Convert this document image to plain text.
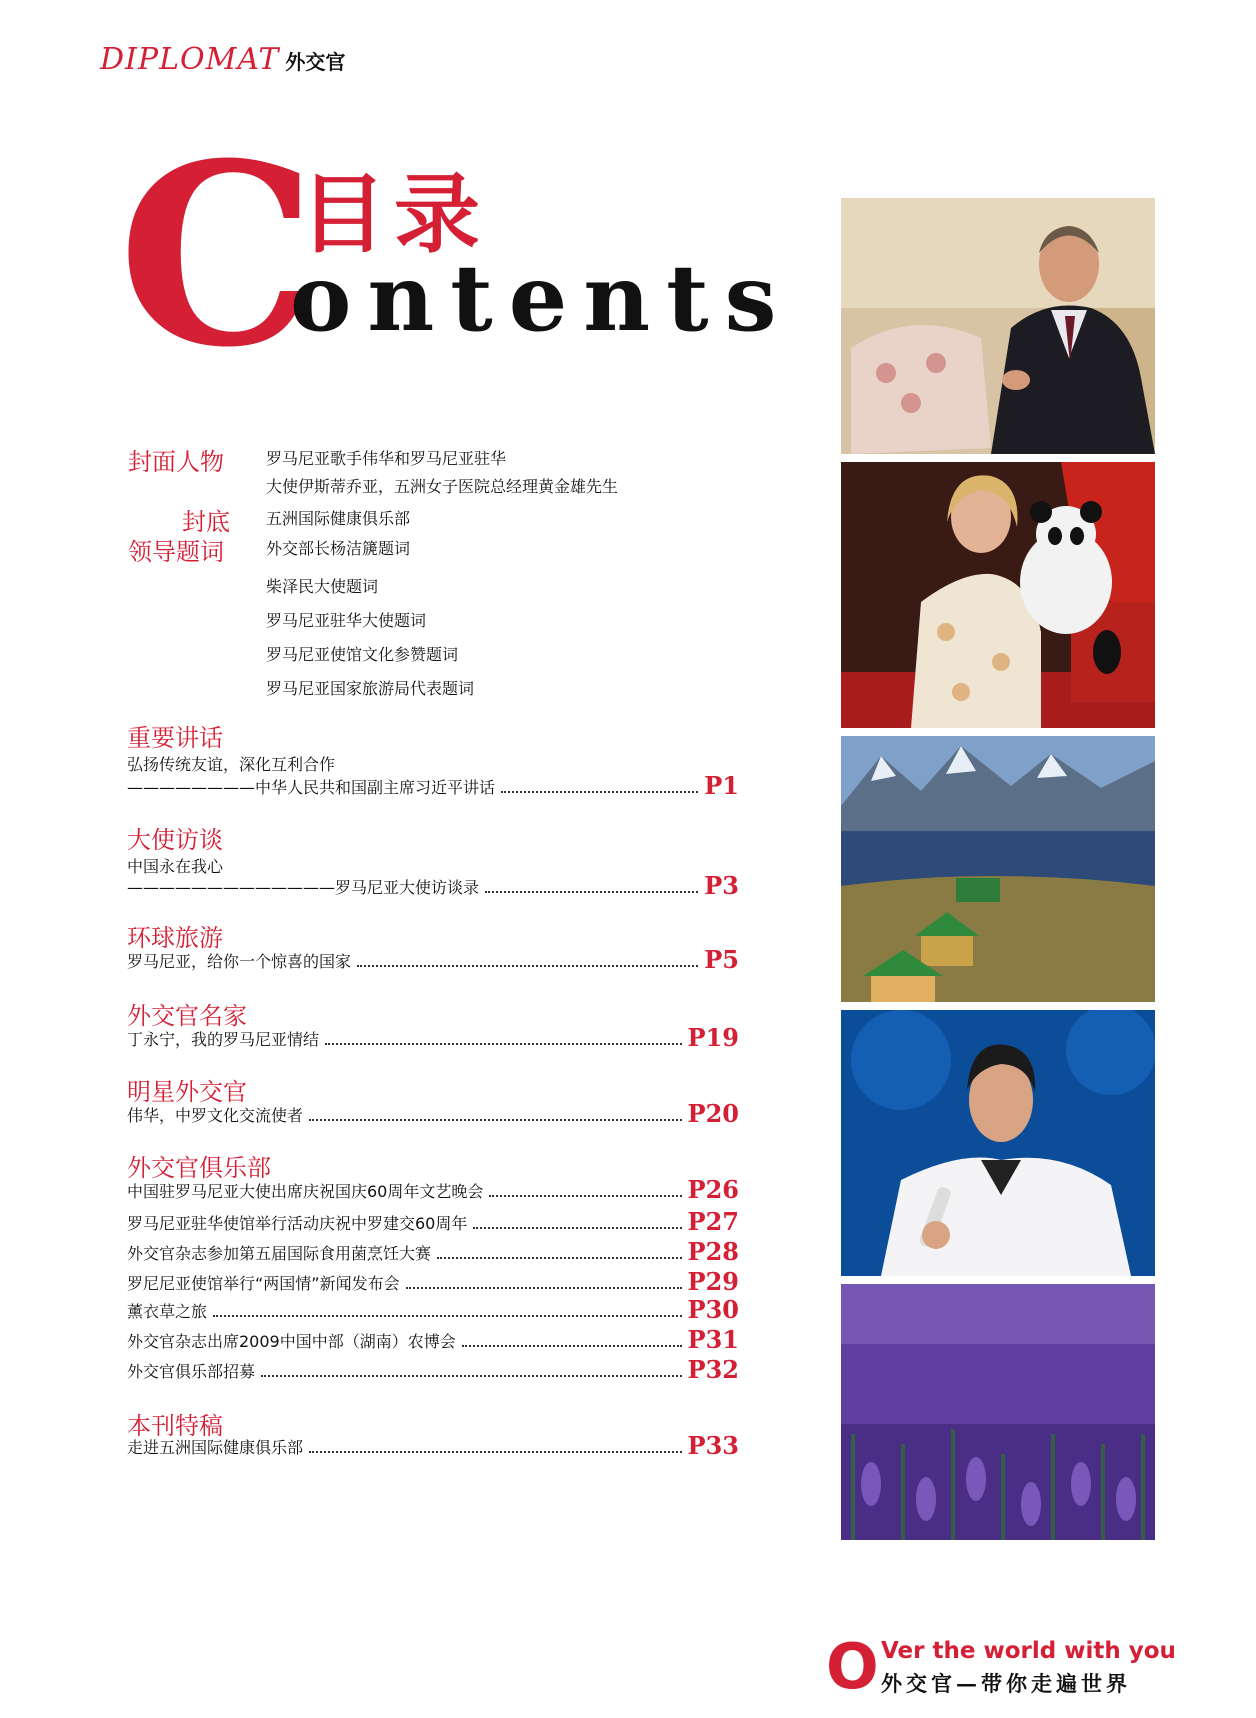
DIPLOMAT 外交官
C
目录
ontents
封面人物	罗马尼亚歌手伟华和罗马尼亚驻华
大使伊斯蒂乔亚，五洲女子医院总经理黄金雄先生
封底 五洲国际健康俱乐部
领导题词	外交部长杨洁篪题词
柴泽民大使题词
罗马尼亚驻华大使题词
罗马尼亚使馆文化参赞题词
罗马尼亚国家旅游局代表题词
重要讲话
弘扬传统友谊，深化互利合作
————————中华人民共和国副主席习近平讲话	P1
大使访谈
中国永在我心
—————————————罗马尼亚大使访谈录	P3
环球旅游
罗马尼亚，给你一个惊喜的国家	P5
外交官名家
丁永宁，我的罗马尼亚情结	P19
明星外交官
伟华，中罗文化交流使者	P20
外交官俱乐部
中国驻罗马尼亚大使出席庆祝国庆60周年文艺晚会	P26
罗马尼亚驻华使馆举行活动庆祝中罗建交60周年	P27
外交官杂志参加第五届国际食用菌烹饪大赛	P28
罗尼尼亚使馆举行“两国情”新闻发布会	P29
薰衣草之旅	P30
外交官杂志出席2009中国中部（湖南）农博会	P31
外交官俱乐部招募	P32
本刊特稿
走进五洲国际健康俱乐部	P33
O Ver the world with you
外交官—带你走遍世界
